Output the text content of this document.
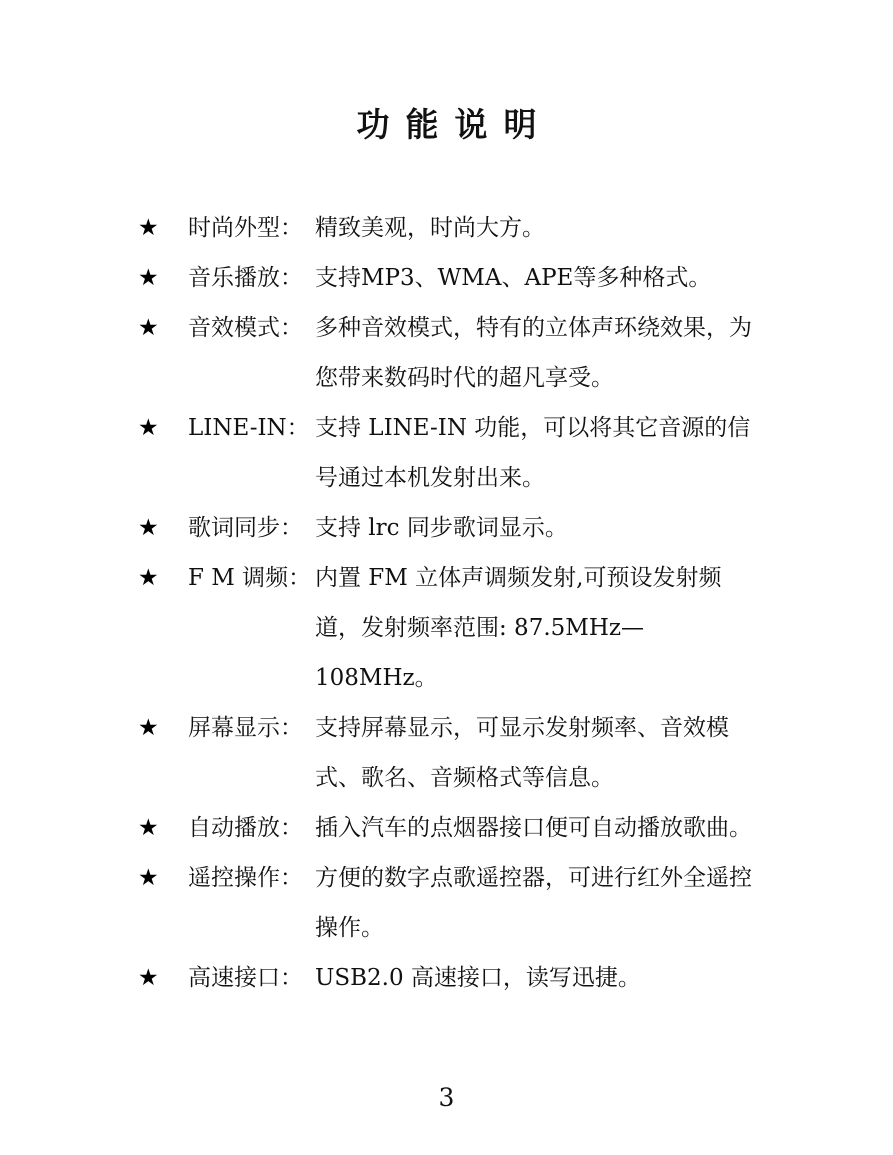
功能说明
★	时尚外型： 精致美观，时尚大方。
★	音乐播放： 支持MP3、WMA、APE等多种格式。
★	音效模式： 多种音效模式，特有的立体声环绕效果，为您带来数码时代的超凡享受。
★	LINE-IN： 支持 LINE-IN 功能，可以将其它音源的信号通过本机发射出来。
★	歌词同步： 支持 lrc 同步歌词显示。
★	F M 调频： 内置 FM 立体声调频发射,可预设发射频道，发射频率范围: 87.5MHz—108MHz。
★	屏幕显示： 支持屏幕显示，可显示发射频率、音效模式、歌名、音频格式等信息。
★	自动播放： 插入汽车的点烟器接口便可自动播放歌曲。
★	遥控操作： 方便的数字点歌遥控器，可进行红外全遥控操作。
★	高速接口： USB2.0 高速接口，读写迅捷。
3
